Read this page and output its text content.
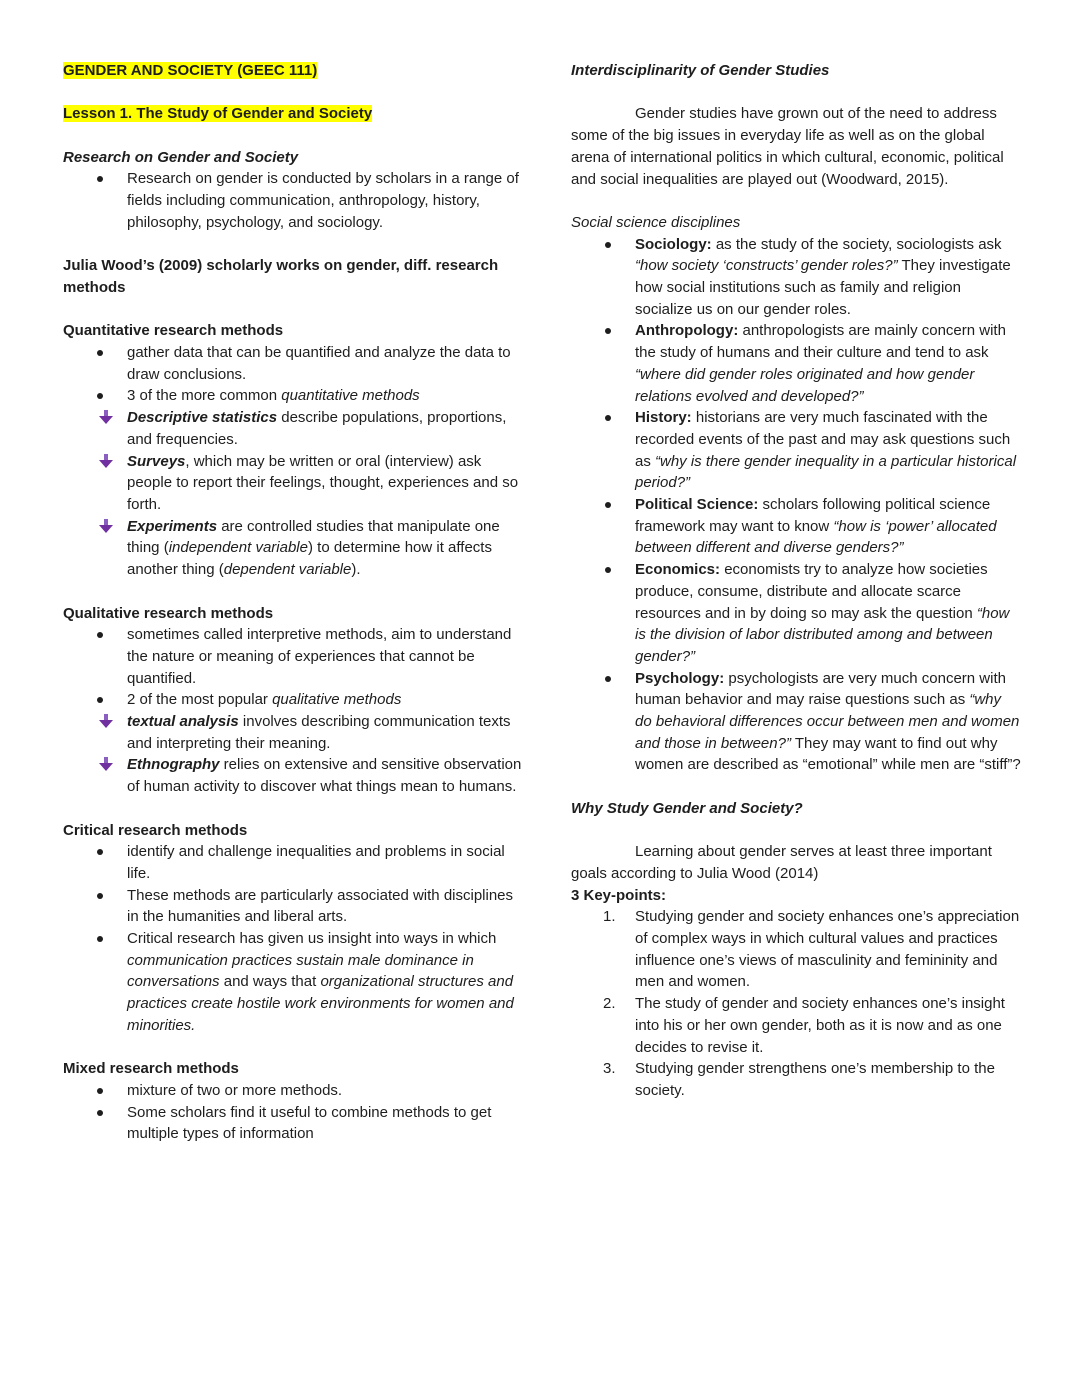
GENDER AND SOCIETY (GEEC 111)

Lesson 1. The Study of Gender and Society

Research on Gender and Society

Research on gender is conducted by scholars in a range of fields including communication, anthropology, history, philosophy, psychology, and sociology.

Julia Wood’s (2009) scholarly works on gender, diff. research methods

Quantitative research methods

gather data that can be quantified and analyze the data to draw conclusions.
3 of the more common quantitative methods
Descriptive statistics describe populations, proportions, and frequencies.
Surveys, which may be written or oral (interview) ask people to report their feelings, thought, experiences and so forth.
Experiments are controlled studies that manipulate one thing (independent variable) to determine how it affects another thing (dependent variable).

Qualitative research methods

sometimes called interpretive methods, aim to understand the nature or meaning of experiences that cannot be quantified.
2 of the most popular qualitative methods
textual analysis involves describing communication texts and interpreting their meaning.
Ethnography relies on extensive and sensitive observation of human activity to discover what things mean to humans.

Critical research methods

identify and challenge inequalities and problems in social life.
These methods are particularly associated with disciplines in the humanities and liberal arts.
Critical research has given us insight into ways in which communication practices sustain male dominance in conversations and ways that organizational structures and practices create hostile work environments for women and minorities.

Mixed research methods

mixture of two or more methods.
Some scholars find it useful to combine methods to get multiple types of information

Interdisciplinarity of Gender Studies

Gender studies have grown out of the need to address some of the big issues in everyday life as well as on the global arena of international politics in which cultural, economic, political and social inequalities are played out (Woodward, 2015).

Social science disciplines

Sociology: as the study of the society, sociologists ask “how society ‘constructs’ gender roles?” They investigate how social institutions such as family and religion socialize us on our gender roles.
Anthropology: anthropologists are mainly concern with the study of humans and their culture and tend to ask “where did gender roles originated and how gender relations evolved and developed?”
History: historians are very much fascinated with the recorded events of the past and may ask questions such as “why is there gender inequality in a particular historical period?”
Political Science: scholars following political science framework may want to know “how is ‘power’ allocated between different and diverse genders?”
Economics: economists try to analyze how societies produce, consume, distribute and allocate scarce resources and in by doing so may ask the question “how is the division of labor distributed among and between gender?”
Psychology: psychologists are very much concern with human behavior and may raise questions such as “why do behavioral differences occur between men and women and those in between?” They may want to find out why women are described as “emotional” while men are “stiff”?

Why Study Gender and Society?

Learning about gender serves at least three important goals according to Julia Wood (2014)

3 Key-points:

1. Studying gender and society enhances one’s appreciation of complex ways in which cultural values and practices influence one’s views of masculinity and femininity and men and women.
2. The study of gender and society enhances one’s insight into his or her own gender, both as it is now and as one decides to revise it.
3. Studying gender strengthens one’s membership to the society.
